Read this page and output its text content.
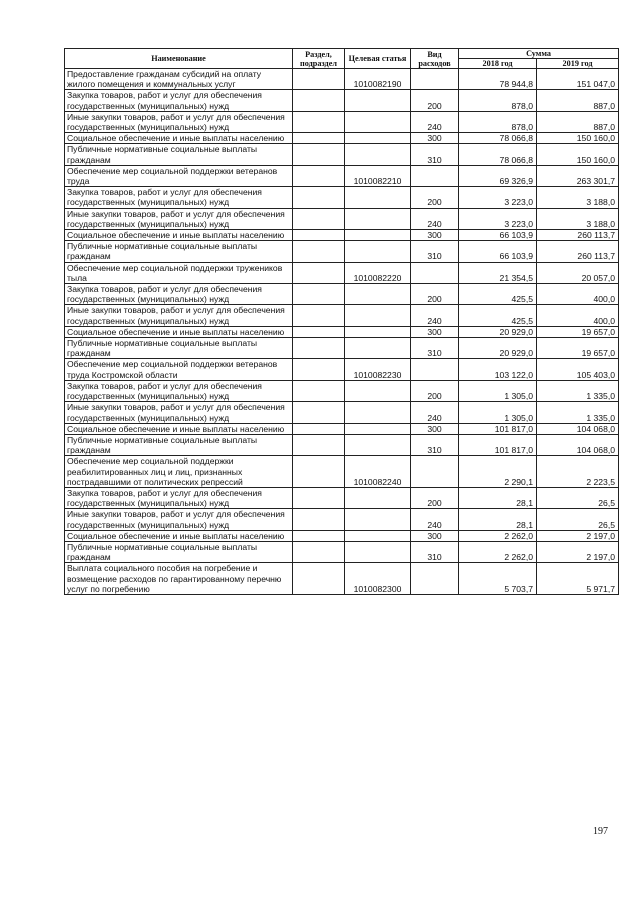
Наименование	Раздел, подраздел	Целевая статья	Вид расходов	Сумма	
				2018 год	2019 год
Предоставление гражданам субсидий на оплату жилого помещения и коммунальных услуг		1010082190		78 944,8	151 047,0
Закупка товаров, работ и услуг для обеспечения государственных (муниципальных) нужд			200	878,0	887,0
Иные закупки товаров, работ и услуг для обеспечения государственных (муниципальных) нужд			240	878,0	887,0
Социальное обеспечение и иные выплаты населению			300	78 066,8	150 160,0
Публичные нормативные социальные выплаты гражданам			310	78 066,8	150 160,0
Обеспечение мер социальной поддержки ветеранов труда		1010082210		69 326,9	263 301,7
Закупка товаров, работ и услуг для обеспечения государственных (муниципальных) нужд			200	3 223,0	3 188,0
Иные закупки товаров, работ и услуг для обеспечения государственных (муниципальных) нужд			240	3 223,0	3 188,0
Социальное обеспечение и иные выплаты населению			300	66 103,9	260 113,7
Публичные нормативные социальные выплаты гражданам			310	66 103,9	260 113,7
Обеспечение мер социальной поддержки тружеников тыла		1010082220		21 354,5	20 057,0
Закупка товаров, работ и услуг для обеспечения государственных (муниципальных) нужд			200	425,5	400,0
Иные закупки товаров, работ и услуг для обеспечения государственных (муниципальных) нужд			240	425,5	400,0
Социальное обеспечение и иные выплаты населению			300	20 929,0	19 657,0
Публичные нормативные социальные выплаты гражданам			310	20 929,0	19 657,0
Обеспечение мер социальной поддержки ветеранов труда Костромской области		1010082230		103 122,0	105 403,0
Закупка товаров, работ и услуг для обеспечения государственных (муниципальных) нужд			200	1 305,0	1 335,0
Иные закупки товаров, работ и услуг для обеспечения государственных (муниципальных) нужд			240	1 305,0	1 335,0
Социальное обеспечение и иные выплаты населению			300	101 817,0	104 068,0
Публичные нормативные социальные выплаты гражданам			310	101 817,0	104 068,0
Обеспечение мер социальной поддержки реабилитированных лиц и лиц, признанных пострадавшими от политических репрессий		1010082240		2 290,1	2 223,5
Закупка товаров, работ и услуг для обеспечения государственных (муниципальных) нужд			200	28,1	26,5
Иные закупки товаров, работ и услуг для обеспечения государственных (муниципальных) нужд			240	28,1	26,5
Социальное обеспечение и иные выплаты населению			300	2 262,0	2 197,0
Публичные нормативные социальные выплаты гражданам			310	2 262,0	2 197,0
Выплата социального пособия на погребение и возмещение расходов по гарантированному перечню услуг по погребению		1010082300		5 703,7	5 971,7
197
